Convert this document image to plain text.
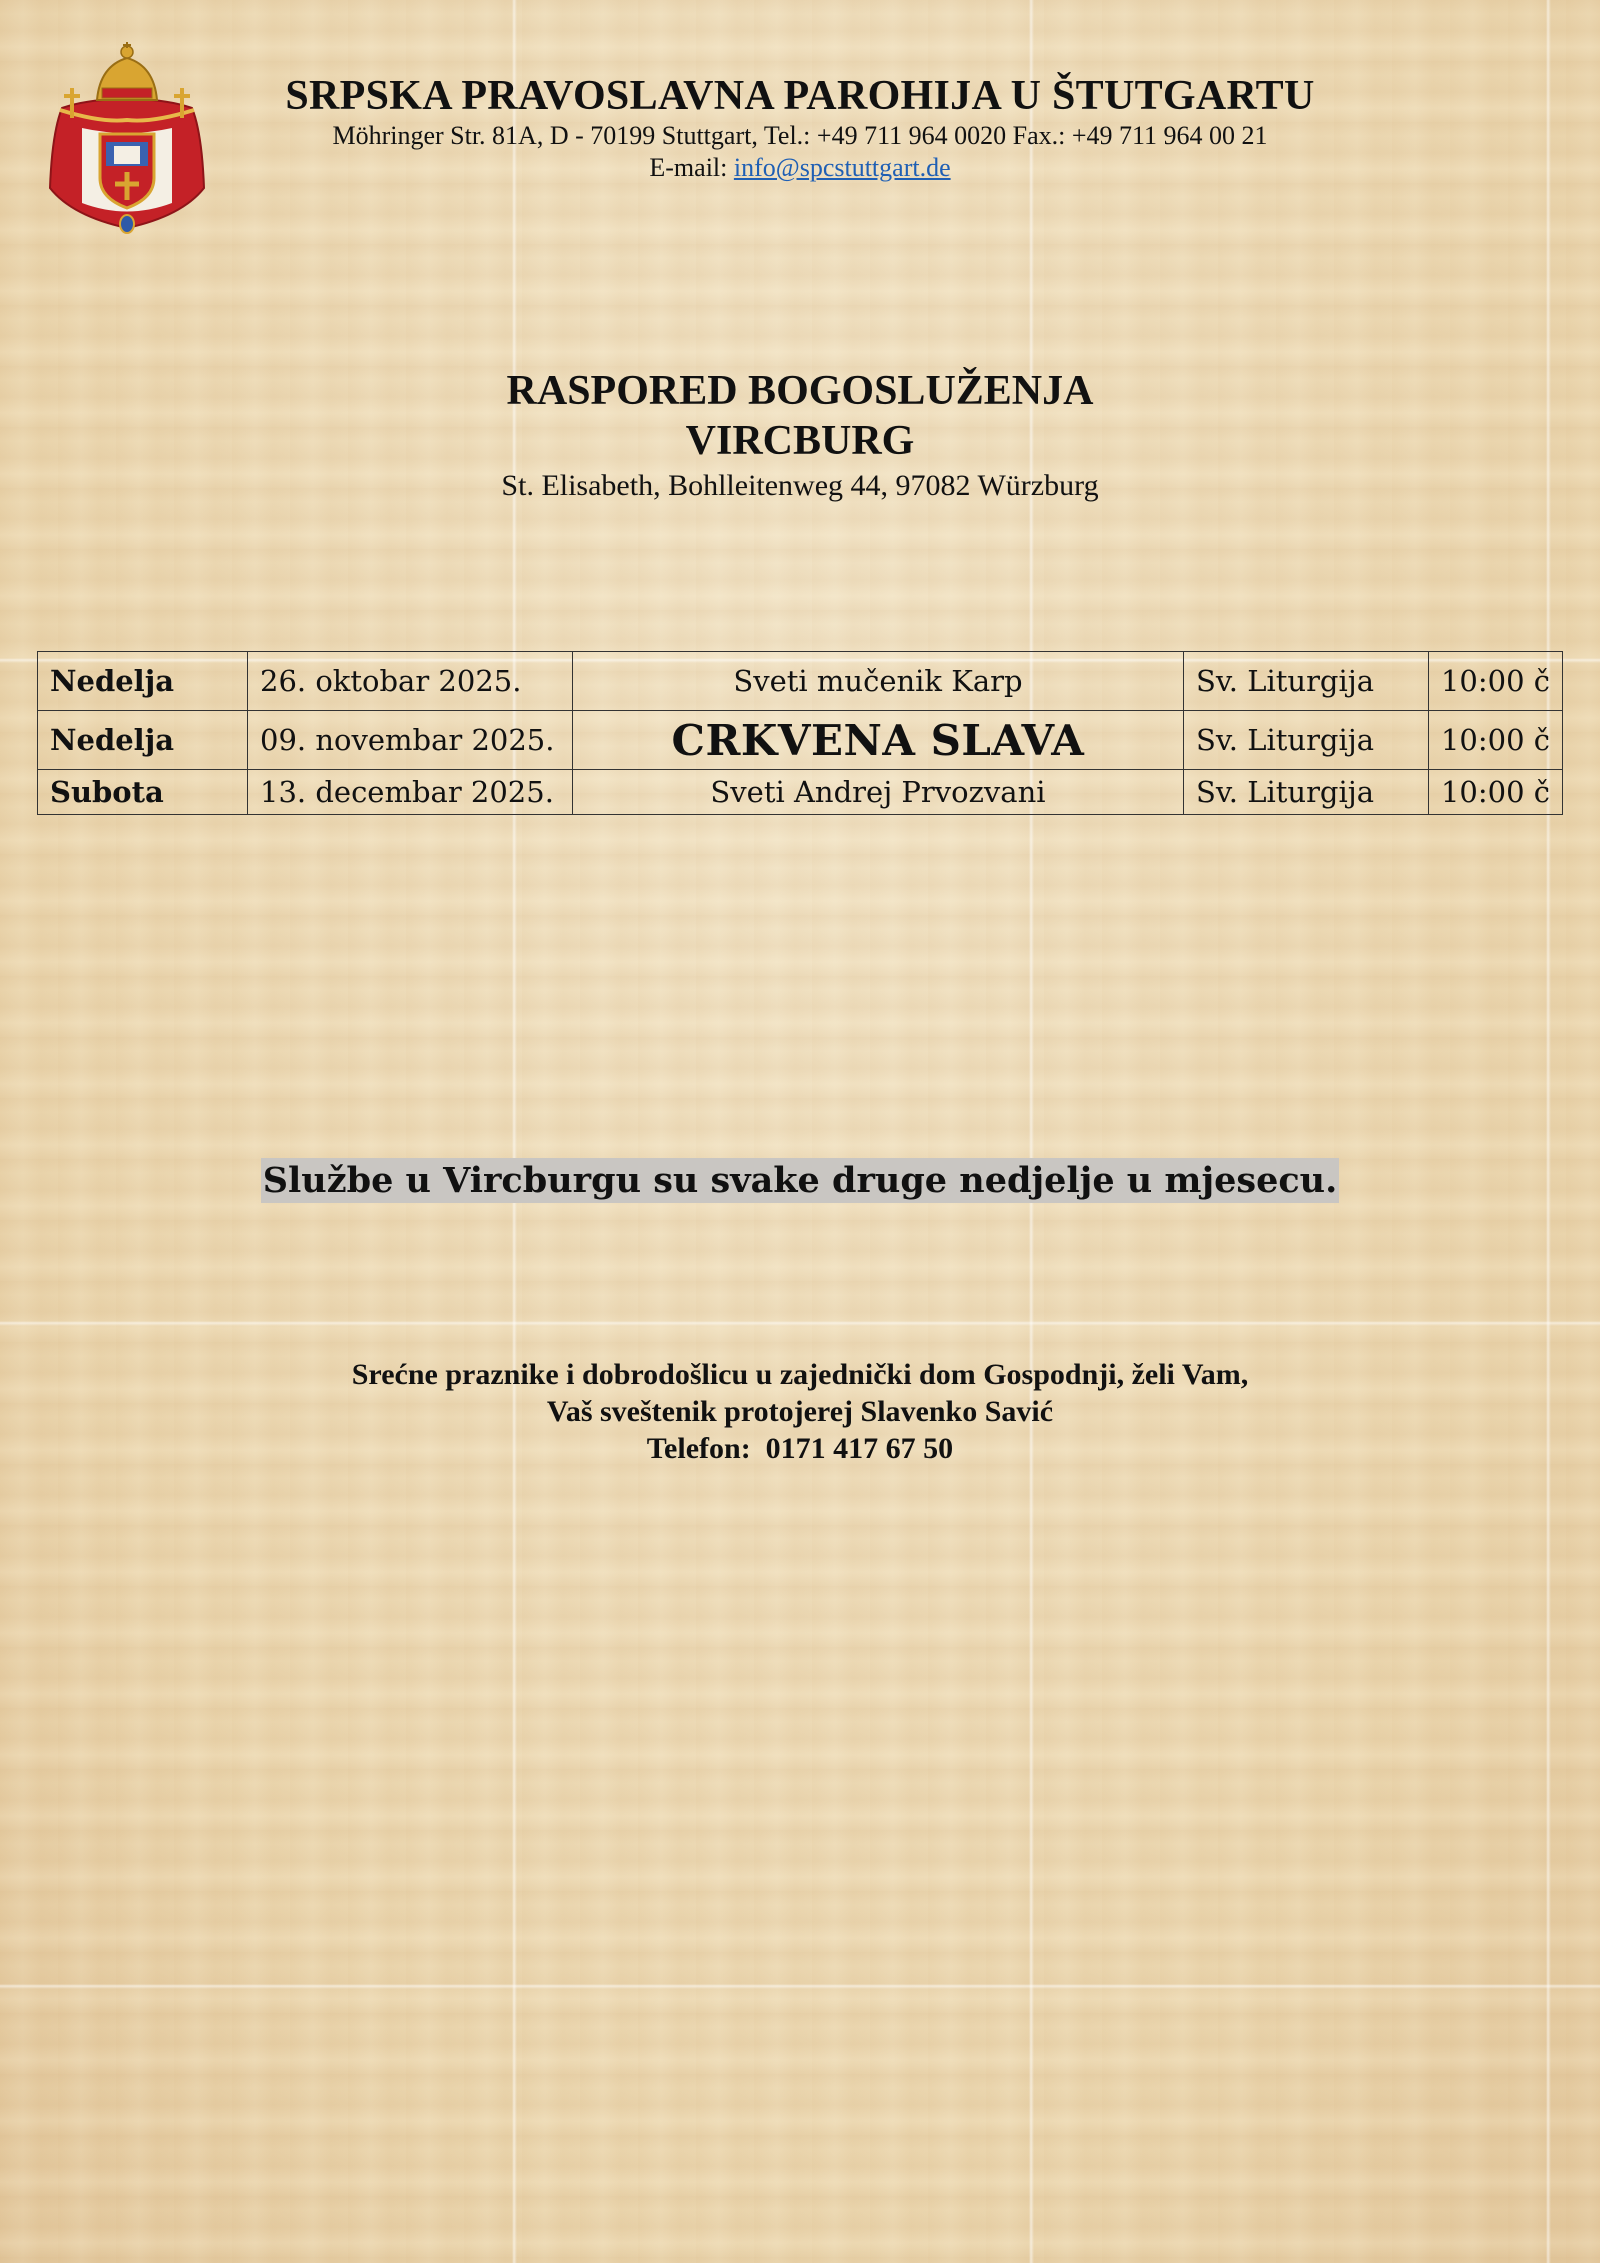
SRPSKA PRAVOSLAVNA PAROHIJA U ŠTUTGARTU
Möhringer Str. 81A, D - 70199 Stuttgart, Tel.: +49 711 964 0020 Fax.: +49 711 964 00 21
E-mail: info@spcstuttgart.de
RASPORED BOGOSLUŽENJA
VIRCBURG
St. Elisabeth, Bohlleitenweg 44, 97082 Würzburg
Nedelja	26. oktobar 2025.	Sveti mučenik Karp	Sv. Liturgija	10:00 č
Nedelja	09. novembar 2025.	CRKVENA SLAVA	Sv. Liturgija	10:00 č
Subota	13. decembar 2025.	Sveti Andrej Prvozvani	Sv. Liturgija	10:00 č
Službe u Vircburgu su svake druge nedjelje u mjesecu.
Srećne praznike i dobrodošlicu u zajednički dom Gospodnji, želi Vam,
Vaš sveštenik protojerej Slavenko Savić
Telefon:  0171 417 67 50
